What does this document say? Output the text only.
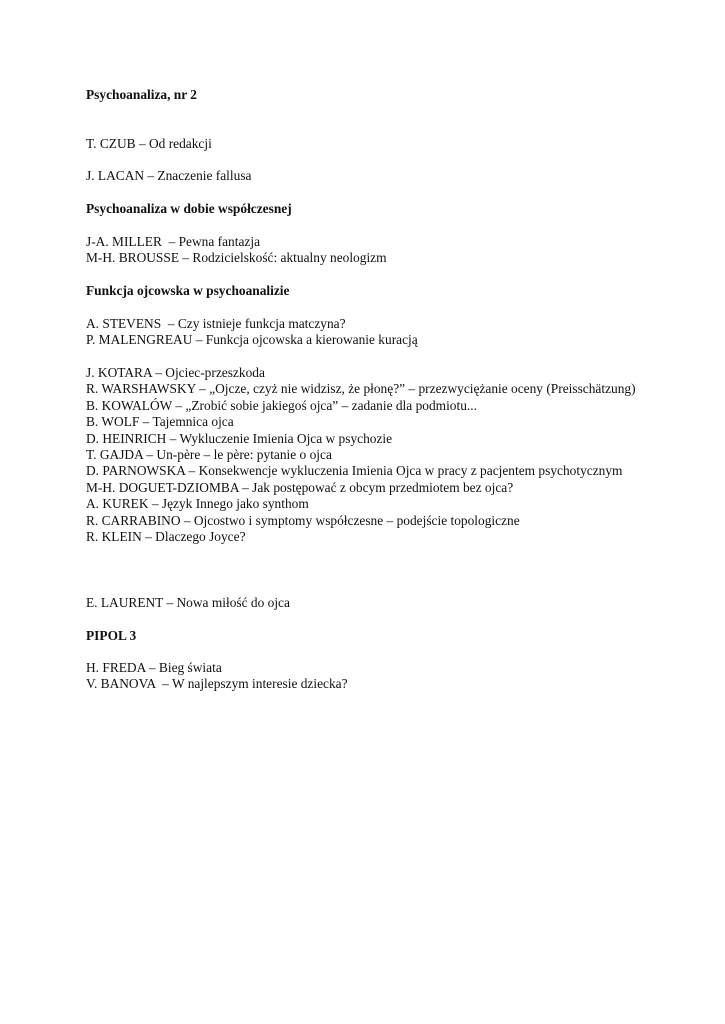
Psychoanaliza, nr 2

T. CZUB – Od redakcji

J. LACAN – Znaczenie fallusa

Psychoanaliza w dobie współczesnej

J-A. MILLER  – Pewna fantazja

M-H. BROUSSE – Rodzicielskość: aktualny neologizm

Funkcja ojcowska w psychoanalizie

A. STEVENS  – Czy istnieje funkcja matczyna?

P. MALENGREAU – Funkcja ojcowska a kierowanie kuracją

J. KOTARA – Ojciec-przeszkoda

R. WARSHAWSKY – „Ojcze, czyż nie widzisz, że płonę?” – przezwyciężanie oceny (Preisschätzung)

B. KOWALÓW – „Zrobić sobie jakiegoś ojca” – zadanie dla podmiotu...

B. WOLF – Tajemnica ojca

D. HEINRICH – Wykluczenie Imienia Ojca w psychozie

T. GAJDA – Un-père – le père: pytanie o ojca

D. PARNOWSKA – Konsekwencje wykluczenia Imienia Ojca w pracy z pacjentem psychotycznym

M-H. DOGUET-DZIOMBA – Jak postępować z obcym przedmiotem bez ojca?

A. KUREK – Język Innego jako synthom

R. CARRABINO – Ojcostwo i symptomy współczesne – podejście topologiczne

R. KLEIN – Dlaczego Joyce?

E. LAURENT – Nowa miłość do ojca

PIPOL 3

H. FREDA – Bieg świata

V. BANOVA  – W najlepszym interesie dziecka?
